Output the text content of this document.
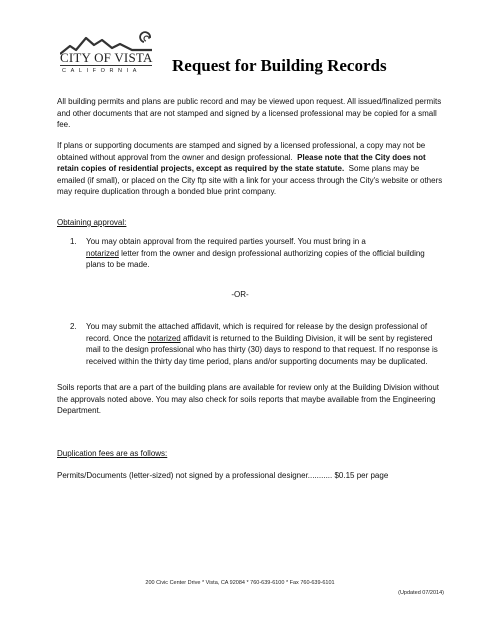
CITY OF VISTA
CALIFORNIA	Request for Building Records

All building permits and plans are public record and may be viewed upon request. All issued/finalized permits and other documents that are not stamped and signed by a licensed professional may be copied for a small fee.

If plans or supporting documents are stamped and signed by a licensed professional, a copy may not be obtained without approval from the owner and design professional. Please note that the City does not retain copies of residential projects, except as required by the state statute. Some plans may be emailed (if small), or placed on the City ftp site with a link for your access through the City's website or others may require duplication through a bonded blue print company.

Obtaining approval:

1. You may obtain approval from the required parties yourself. You must bring in a
notarized letter from the owner and design professional authorizing copies of the official building plans to be made.
-OR-
2. You may submit the attached affidavit, which is required for release by the design professional of record. Once the notarized affidavit is returned to the Building Division, it will be sent by registered mail to the design professional who has thirty (30) days to respond to that request. If no response is received within the thirty day time period, plans and/or supporting documents may be duplicated.

Soils reports that are a part of the building plans are available for review only at the Building Division without the approvals noted above. You may also check for soils reports that maybe available from the Engineering Department.

Duplication fees are as follows:

Permits/Documents (letter-sized) not signed by a professional designer........... $0.15 per page

200 Civic Center Drive * Vista, CA 92084 * 760-639-6100 * Fax 760-639-6101
(Updated 07/2014)
